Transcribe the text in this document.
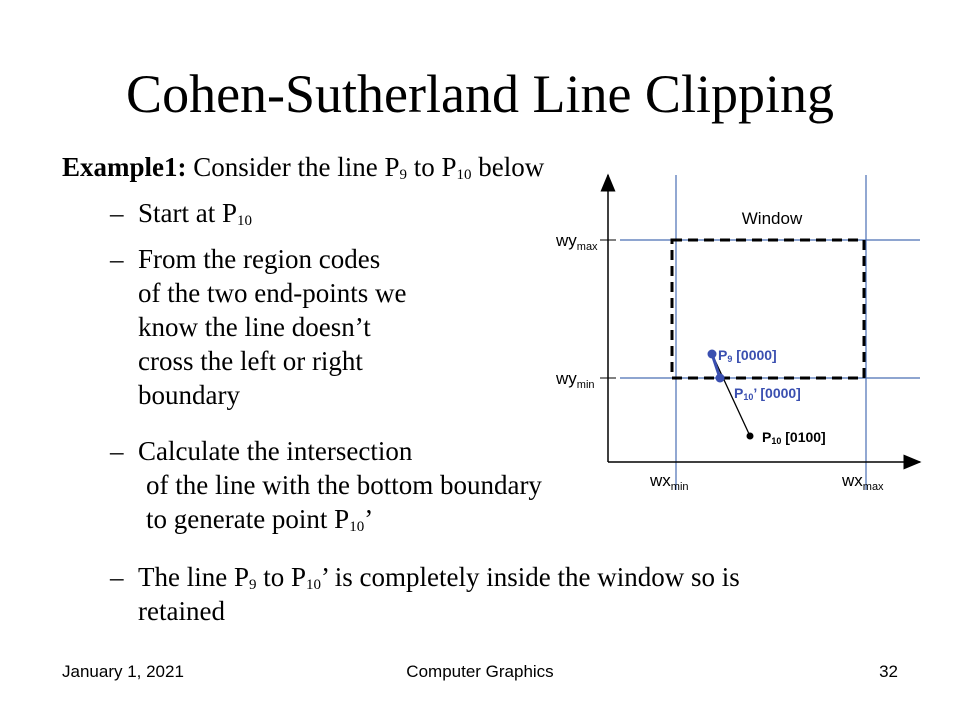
Cohen-Sutherland Line Clipping
Example1: Consider the line $P_9$ to $P_{10}$ below
– Start at $P_{10}$
– From the region codes
of the two end-points we
know the line doesn’t
cross the left or right
boundary
– Calculate the intersection
of the line with the bottom boundary
to generate point $P_{10}$’
– The line $P_9$ to $P_{10}$’ is completely inside the window so is
retained
Window
$wy_{max}$
$wy_{min}$
$wx_{min}$	$wx_{max}$
P9 [0000]
P10’ [0000]
P10 [0100]
January 1, 2021	Computer Graphics	32
